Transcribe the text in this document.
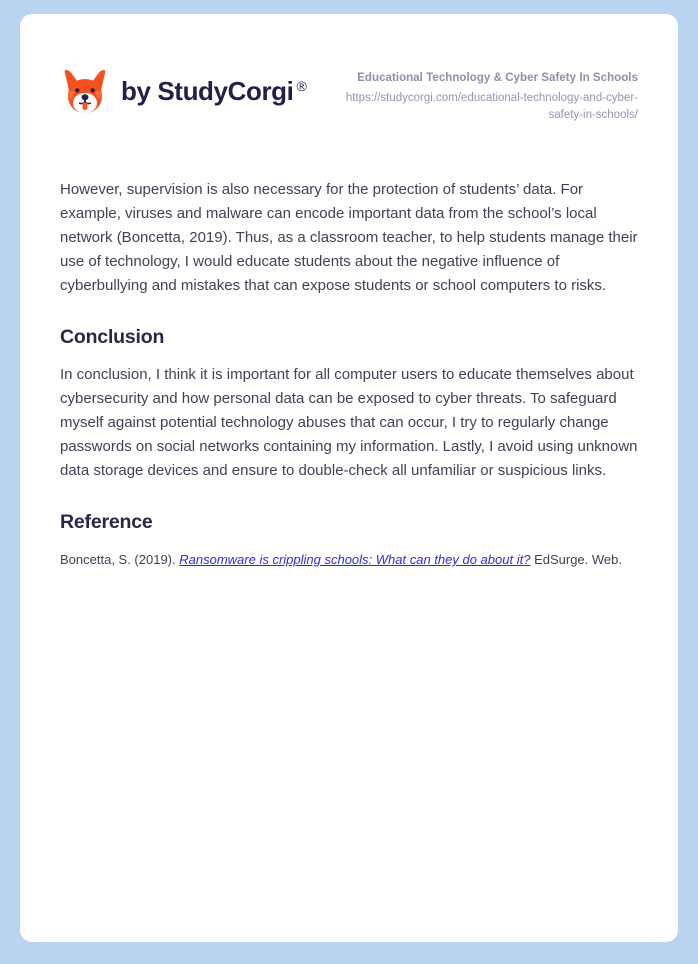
by StudyCorgi ®	Educational Technology & Cyber Safety In Schools
https://studycorgi.com/educational-technology-and-cyber-safety-in-schools/

However, supervision is also necessary for the protection of students’ data. For example, viruses and malware can encode important data from the school’s local network (Boncetta, 2019). Thus, as a classroom teacher, to help students manage their use of technology, I would educate students about the negative influence of cyberbullying and mistakes that can expose students or school computers to risks.

Conclusion

In conclusion, I think it is important for all computer users to educate themselves about cybersecurity and how personal data can be exposed to cyber threats. To safeguard myself against potential technology abuses that can occur, I try to regularly change passwords on social networks containing my information. Lastly, I avoid using unknown data storage devices and ensure to double-check all unfamiliar or suspicious links.

Reference

Boncetta, S. (2019). Ransomware is crippling schools: What can they do about it? EdSurge. Web.
